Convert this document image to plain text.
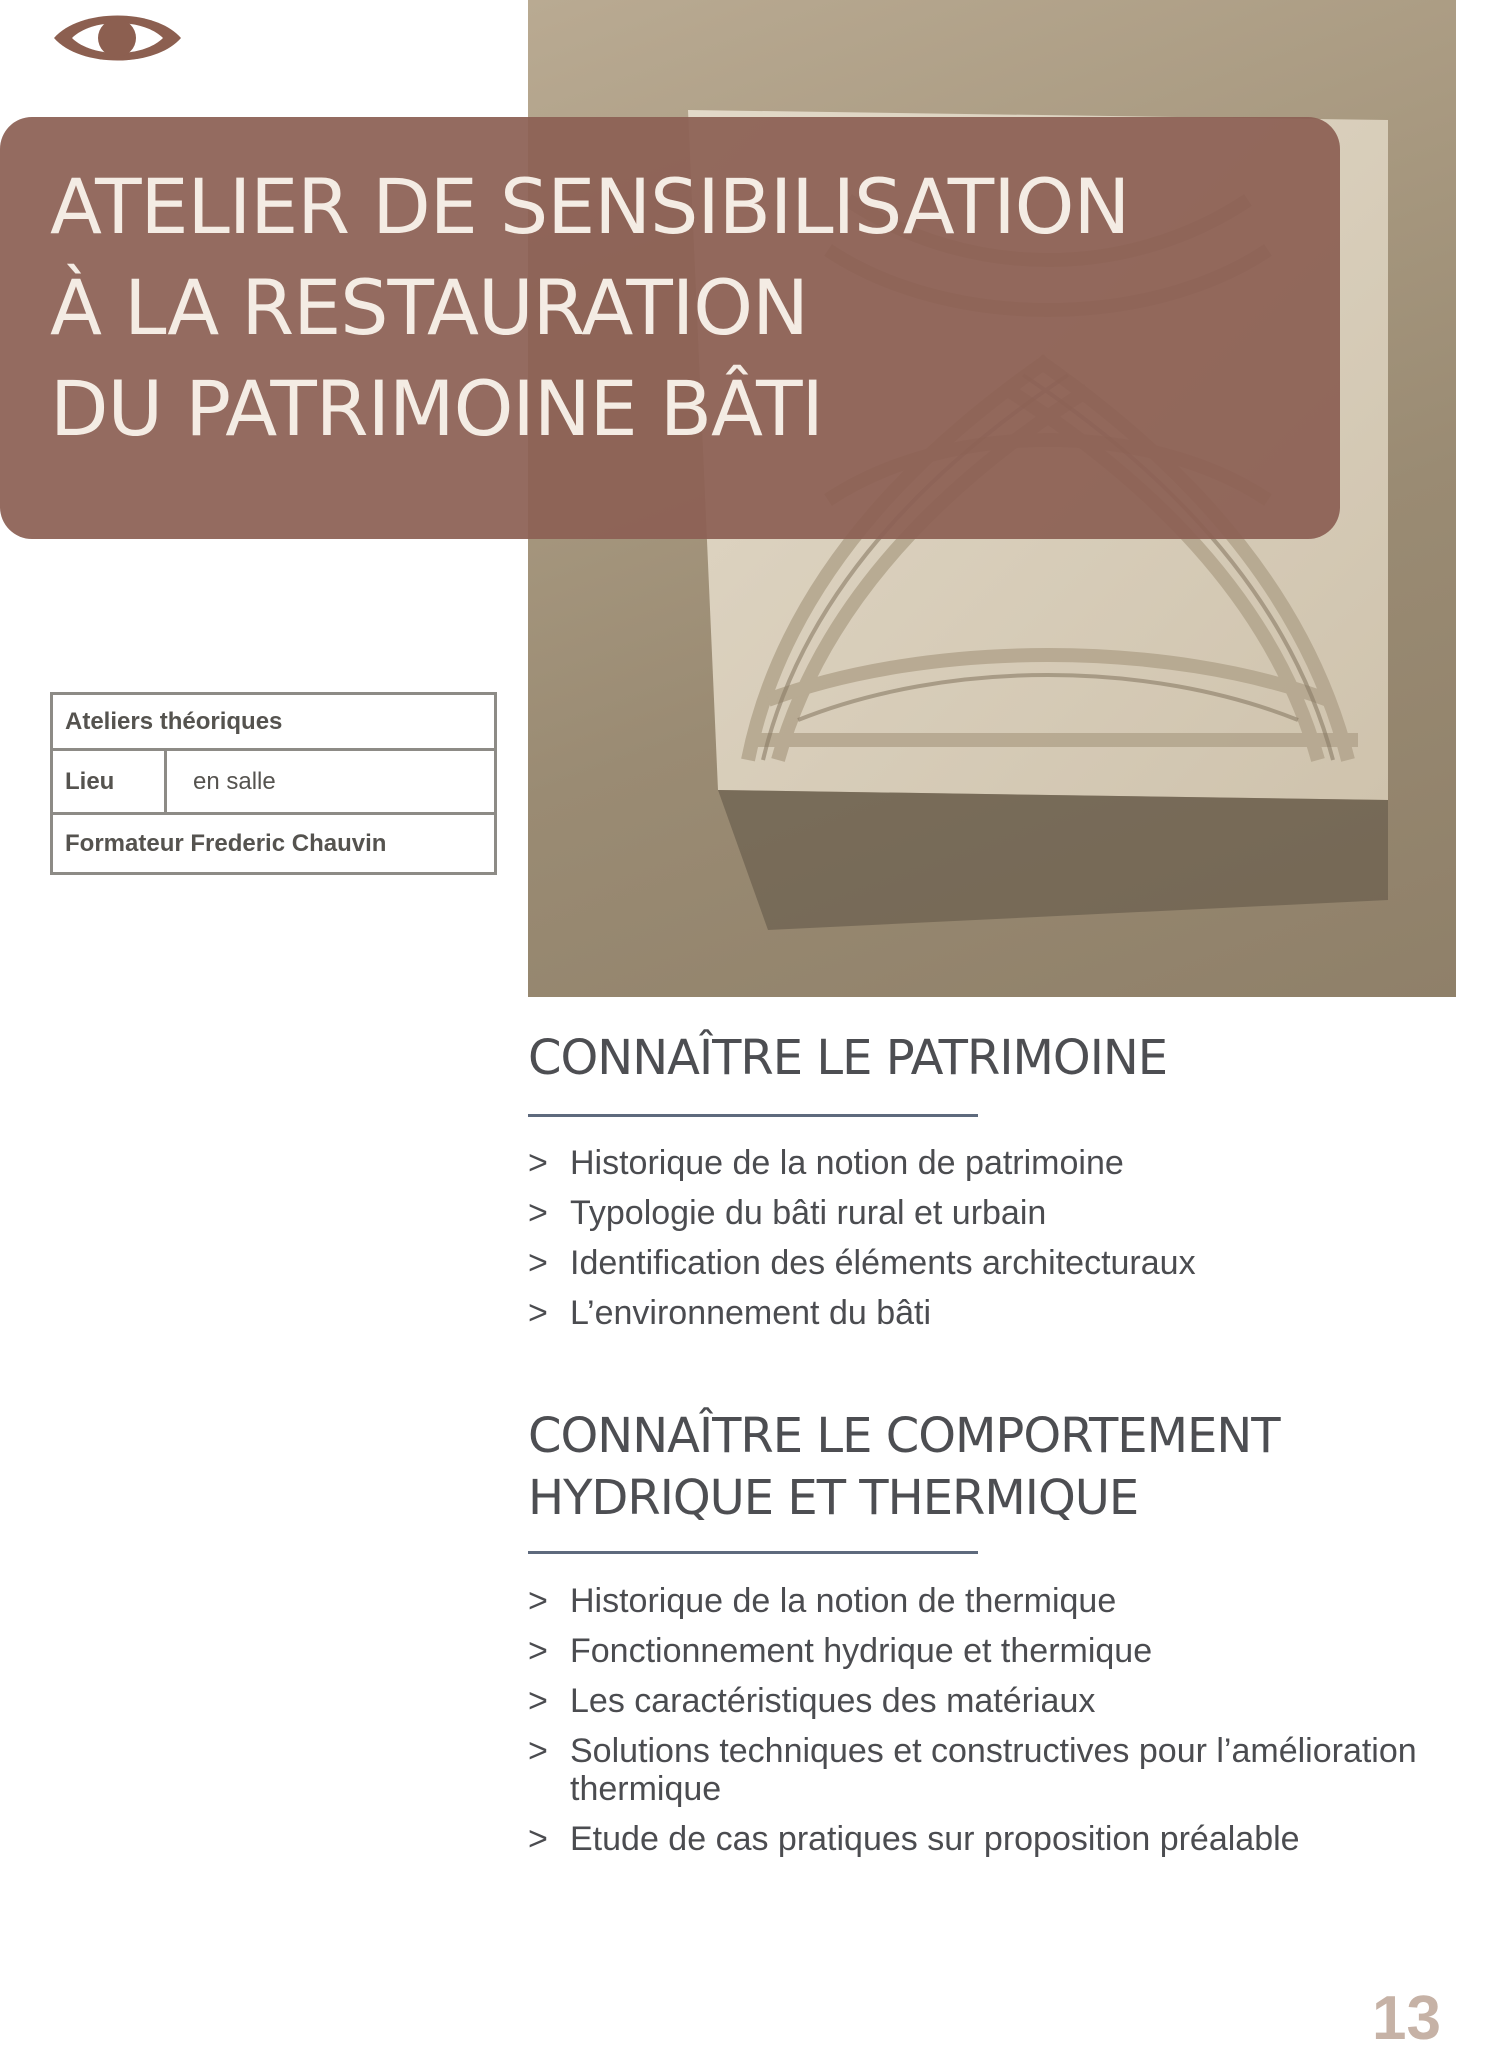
ATELIER DE SENSIBILISATION
À LA RESTAURATION
DU PATRIMOINE BÂTI
Ateliers théoriques
Lieu	en salle
Formateur
Frederic Chauvin
CONNAÎTRE LE PATRIMOINE
> Historique de la notion de patrimoine
> Typologie du bâti rural et urbain
> Identification des éléments architecturaux
> L’environnement du bâti
CONNAÎTRE LE COMPORTEMENT
HYDRIQUE ET THERMIQUE
> Historique de la notion de thermique
> Fonctionnement hydrique et thermique
> Les caractéristiques des matériaux
> Solutions techniques et constructives pour l’amélioration thermique
> Etude de cas pratiques sur proposition préalable
13
